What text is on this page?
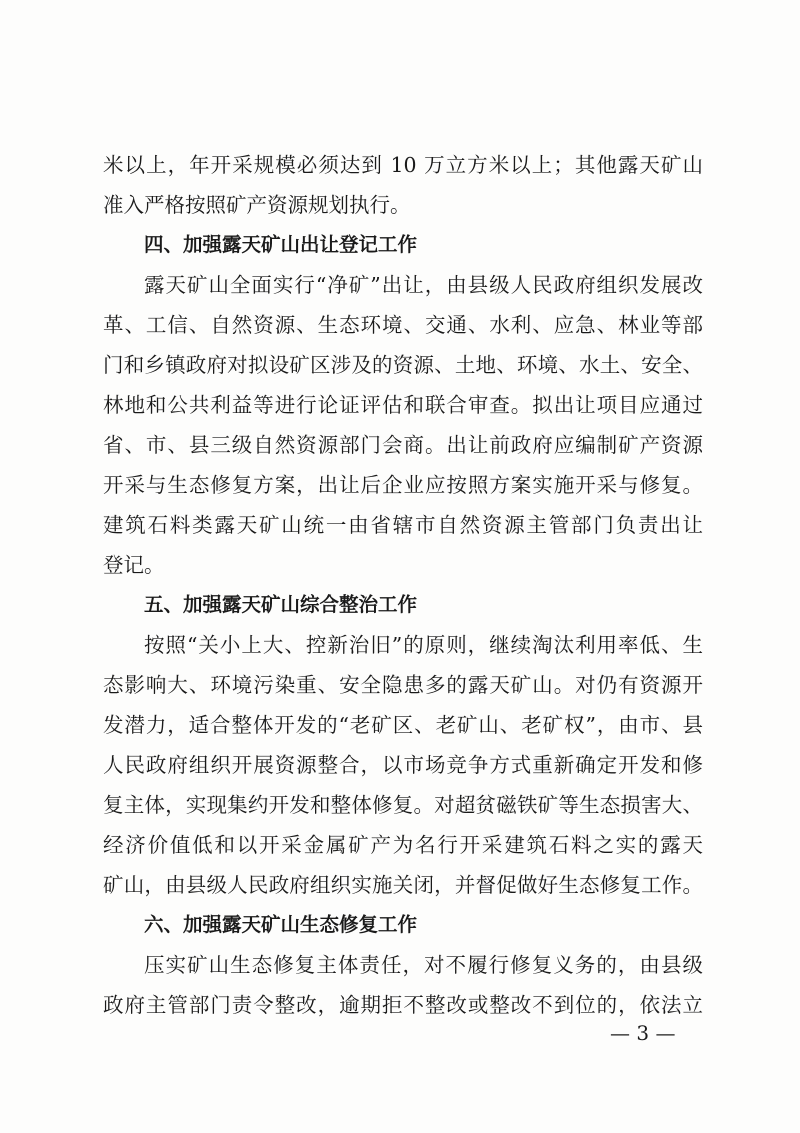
米以上，年开采规模必须达到 10 万立方米以上；其他露天矿山
准入严格按照矿产资源规划执行。
四、加强露天矿山出让登记工作
露天矿山全面实行“净矿”出让，由县级人民政府组织发展改
革、工信、自然资源、生态环境、交通、水利、应急、林业等部
门和乡镇政府对拟设矿区涉及的资源、土地、环境、水土、安全、
林地和公共利益等进行论证评估和联合审查。拟出让项目应通过
省、市、县三级自然资源部门会商。出让前政府应编制矿产资源
开采与生态修复方案，出让后企业应按照方案实施开采与修复。
建筑石料类露天矿山统一由省辖市自然资源主管部门负责出让
登记。
五、加强露天矿山综合整治工作
按照“关小上大、控新治旧”的原则，继续淘汰利用率低、生
态影响大、环境污染重、安全隐患多的露天矿山。对仍有资源开
发潜力，适合整体开发的“老矿区、老矿山、老矿权”，由市、县
人民政府组织开展资源整合，以市场竞争方式重新确定开发和修
复主体，实现集约开发和整体修复。对超贫磁铁矿等生态损害大、
经济价值低和以开采金属矿产为名行开采建筑石料之实的露天
矿山，由县级人民政府组织实施关闭，并督促做好生态修复工作。
六、加强露天矿山生态修复工作
压实矿山生态修复主体责任，对不履行修复义务的，由县级
政府主管部门责令整改，逾期拒不整改或整改不到位的，依法立
— 3 —
